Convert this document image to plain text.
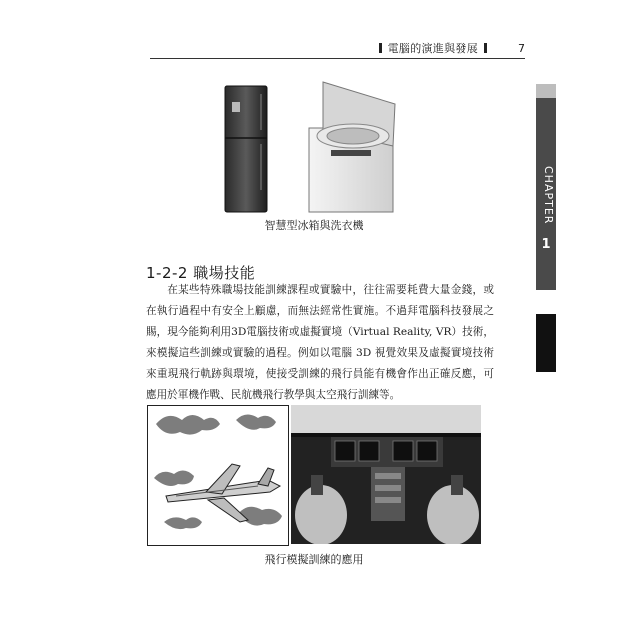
電腦的演進與發展	7
CHAPTER
1
智慧型冰箱與洗衣機
1-2-2 職場技能

在某些特殊職場技能訓練課程或實驗中，往往需要耗費大量金錢，或在執行過程中有安全上顧慮，而無法經常性實施。不過拜電腦科技發展之賜，現今能夠利用3D電腦技術或虛擬實境（Virtual Reality, VR）技術，來模擬這些訓練或實驗的過程。例如以電腦 3D 視覺效果及虛擬實境技術來重現飛行軌跡與環境，使接受訓練的飛行員能有機會作出正確反應，可應用於軍機作戰、民航機飛行教學與太空飛行訓練等。

飛行模擬訓練的應用
